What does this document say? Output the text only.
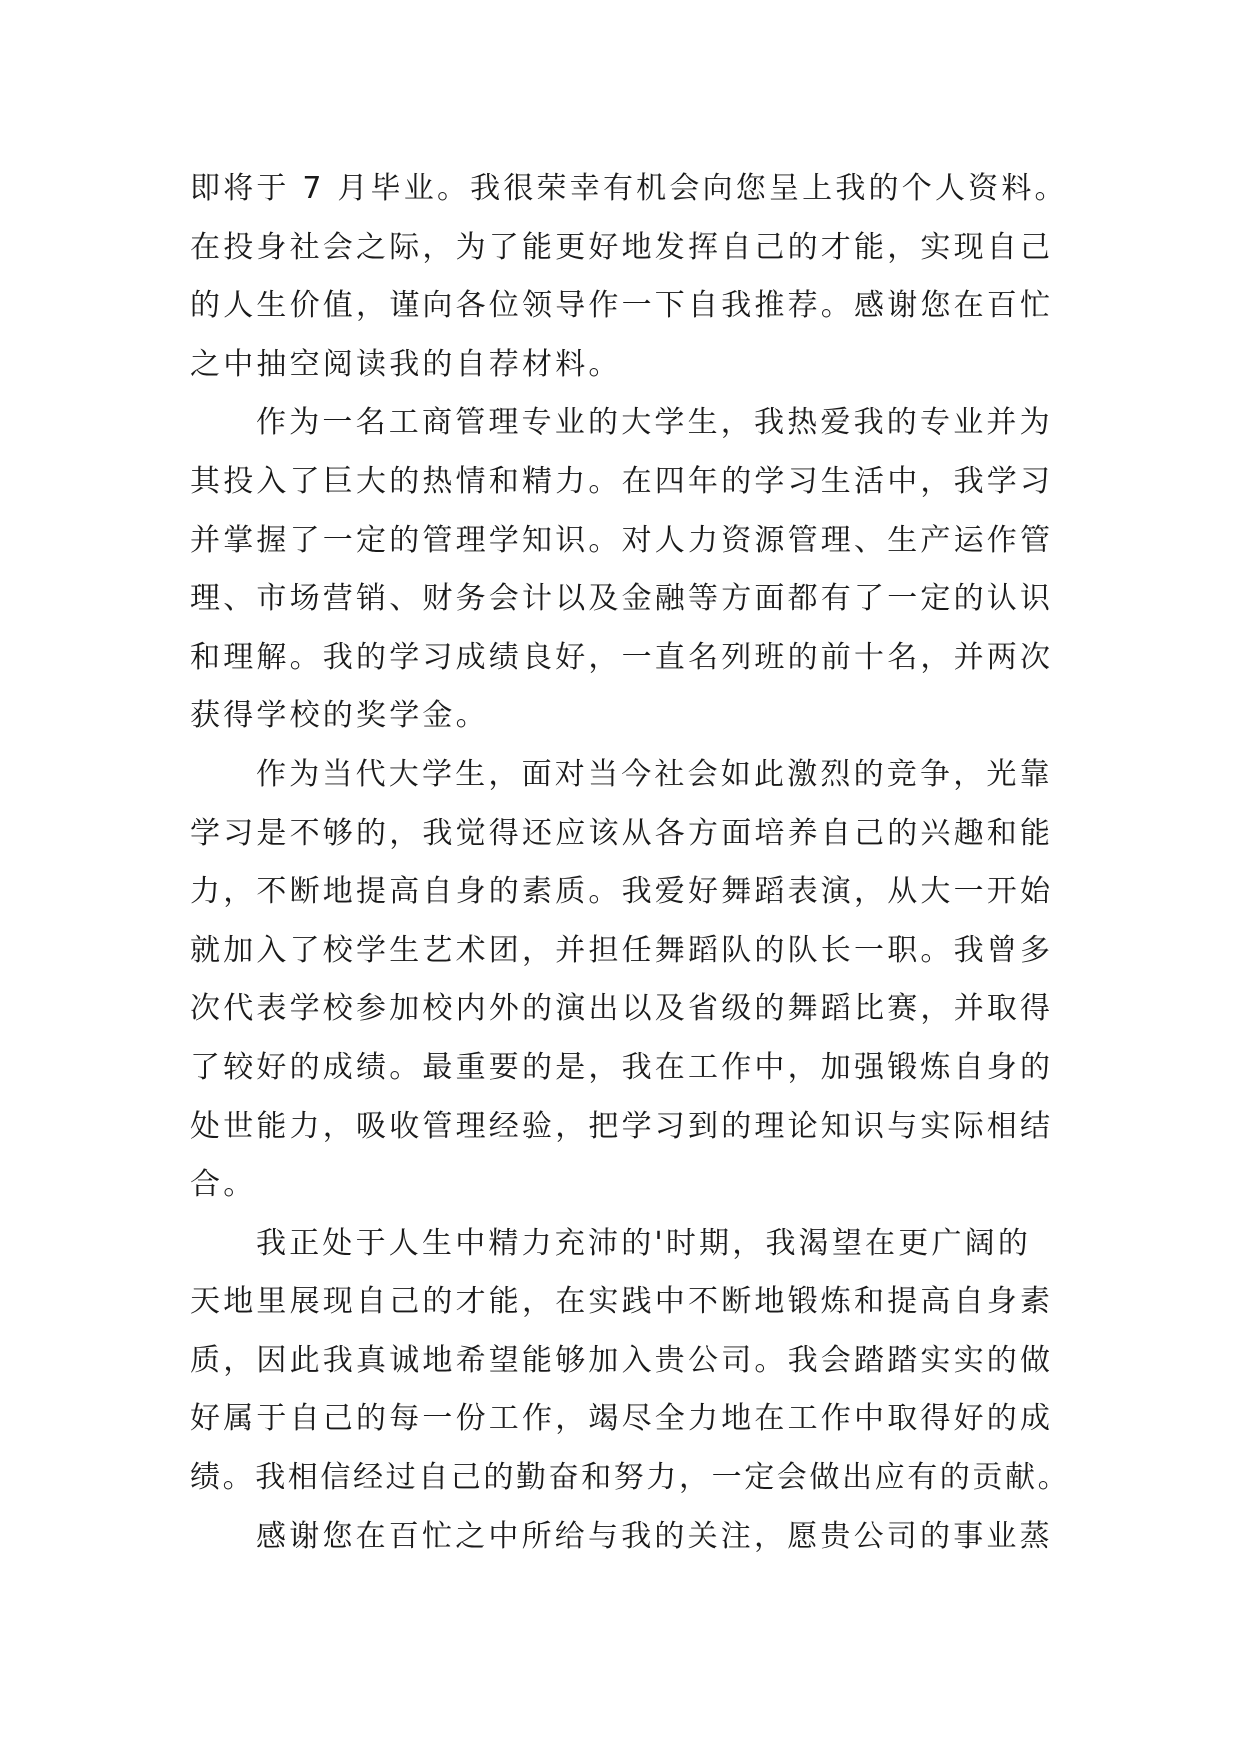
即将于 7 月毕业。我很荣幸有机会向您呈上我的个人资料。
在投身社会之际，为了能更好地发挥自己的才能，实现自己
的人生价值，谨向各位领导作一下自我推荐。感谢您在百忙
之中抽空阅读我的自荐材料。
作为一名工商管理专业的大学生，我热爱我的专业并为
其投入了巨大的热情和精力。在四年的学习生活中，我学习
并掌握了一定的管理学知识。对人力资源管理、生产运作管
理、市场营销、财务会计以及金融等方面都有了一定的认识
和理解。我的学习成绩良好，一直名列班的前十名，并两次
获得学校的奖学金。
作为当代大学生，面对当今社会如此激烈的竞争，光靠
学习是不够的，我觉得还应该从各方面培养自己的兴趣和能
力，不断地提高自身的素质。我爱好舞蹈表演，从大一开始
就加入了校学生艺术团，并担任舞蹈队的队长一职。我曾多
次代表学校参加校内外的演出以及省级的舞蹈比赛，并取得
了较好的成绩。最重要的是，我在工作中，加强锻炼自身的
处世能力，吸收管理经验，把学习到的理论知识与实际相结
合。
我正处于人生中精力充沛的'时期，我渴望在更广阔的
天地里展现自己的才能，在实践中不断地锻炼和提高自身素
质，因此我真诚地希望能够加入贵公司。我会踏踏实实的做
好属于自己的每一份工作，竭尽全力地在工作中取得好的成
绩。我相信经过自己的勤奋和努力，一定会做出应有的贡献。
感谢您在百忙之中所给与我的关注，愿贵公司的事业蒸
